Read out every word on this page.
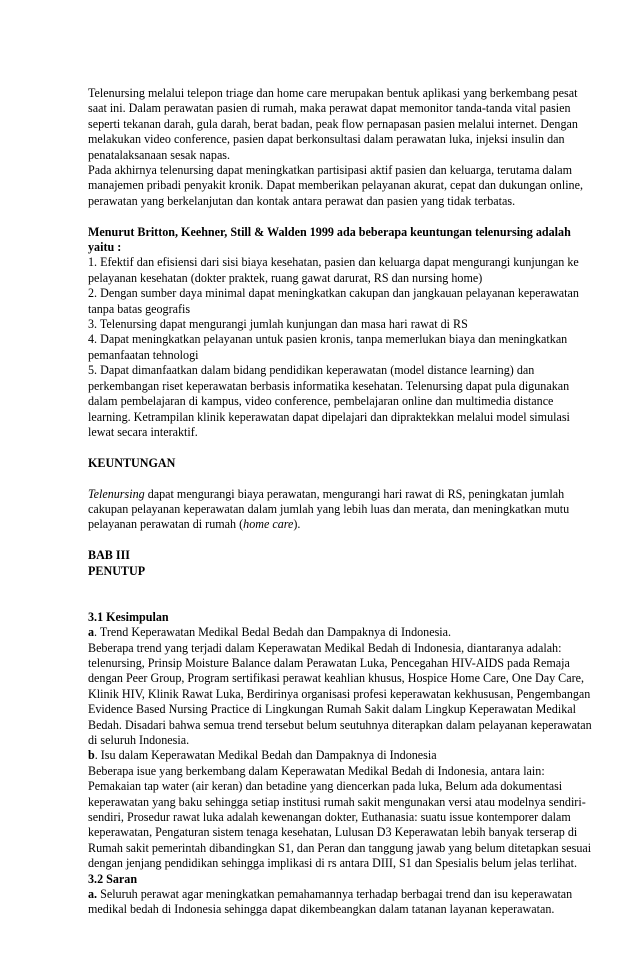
Telenursing melalui telepon triage dan home care merupakan bentuk aplikasi yang berkembang pesat saat ini. Dalam perawatan pasien di rumah, maka perawat dapat memonitor tanda-tanda vital pasien seperti tekanan darah, gula darah, berat badan, peak flow pernapasan pasien melalui internet. Dengan melakukan video conference, pasien dapat berkonsultasi dalam perawatan luka, injeksi insulin dan penatalaksanaan sesak napas.

Pada akhirnya telenursing dapat meningkatkan partisipasi aktif pasien dan keluarga, terutama dalam manajemen pribadi penyakit kronik. Dapat memberikan pelayanan akurat, cepat dan dukungan online, perawatan yang berkelanjutan dan kontak antara perawat dan pasien yang tidak terbatas.

Menurut Britton, Keehner, Still & Walden 1999 ada beberapa keuntungan telenursing adalah yaitu :

1. Efektif dan efisiensi dari sisi biaya kesehatan, pasien dan keluarga dapat mengurangi kunjungan ke pelayanan kesehatan (dokter praktek, ruang gawat darurat, RS dan nursing home)

2. Dengan sumber daya minimal dapat meningkatkan cakupan dan jangkauan pelayanan keperawatan tanpa batas geografis

3. Telenursing dapat mengurangi jumlah kunjungan dan masa hari rawat di RS

4. Dapat meningkatkan pelayanan untuk pasien kronis, tanpa memerlukan biaya dan meningkatkan pemanfaatan tehnologi

5. Dapat dimanfaatkan dalam bidang pendidikan keperawatan (model distance learning) dan perkembangan riset keperawatan berbasis informatika kesehatan. Telenursing dapat pula digunakan dalam pembelajaran di kampus, video conference, pembelajaran online dan multimedia distance learning. Ketrampilan klinik keperawatan dapat dipelajari dan dipraktekkan melalui model simulasi lewat secara interaktif.

KEUNTUNGAN

Telenursing dapat mengurangi biaya perawatan, mengurangi hari rawat di RS, peningkatan jumlah cakupan pelayanan keperawatan dalam jumlah yang lebih luas dan merata, dan meningkatkan mutu pelayanan perawatan di rumah (home care).

BAB III

PENUTUP

3.1 Kesimpulan

a. Trend Keperawatan Medikal Bedal Bedah dan Dampaknya di Indonesia.

Beberapa trend yang terjadi dalam Keperawatan Medikal Bedah di Indonesia, diantaranya adalah: telenursing, Prinsip Moisture Balance dalam Perawatan Luka, Pencegahan HIV-AIDS pada Remaja dengan Peer Group, Program sertifikasi perawat keahlian khusus, Hospice Home Care, One Day Care, Klinik HIV, Klinik Rawat Luka, Berdirinya organisasi profesi keperawatan kekhususan, Pengembangan Evidence Based Nursing Practice di Lingkungan Rumah Sakit dalam Lingkup Keperawatan Medikal Bedah. Disadari bahwa semua trend tersebut belum seutuhnya diterapkan dalam pelayanan keperawatan di seluruh Indonesia.

b. Isu dalam Keperawatan Medikal Bedah dan Dampaknya di Indonesia

Beberapa isue yang berkembang dalam Keperawatan Medikal Bedah di Indonesia, antara lain: Pemakaian tap water (air keran) dan betadine yang diencerkan pada luka, Belum ada dokumentasi keperawatan yang baku sehingga setiap institusi rumah sakit mengunakan versi atau modelnya sendiri-sendiri, Prosedur rawat luka adalah kewenangan dokter, Euthanasia: suatu issue kontemporer dalam keperawatan, Pengaturan sistem tenaga kesehatan, Lulusan D3 Keperawatan lebih banyak terserap di Rumah sakit pemerintah dibandingkan S1, dan Peran dan tanggung jawab yang belum ditetapkan sesuai dengan jenjang pendidikan sehingga implikasi di rs antara DIII, S1 dan Spesialis belum jelas terlihat.

3.2 Saran

a. Seluruh perawat agar meningkatkan pemahamannya terhadap berbagai trend dan isu keperawatan medikal bedah di Indonesia sehingga dapat dikembeangkan dalam tatanan layanan keperawatan.
